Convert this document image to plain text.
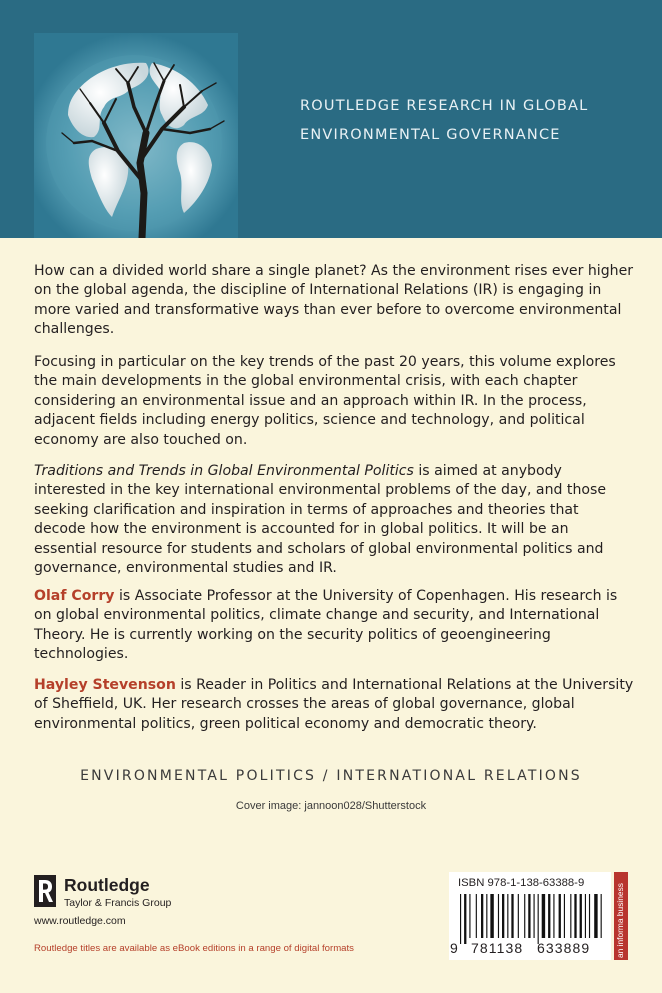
ROUTLEDGE RESEARCH IN GLOBAL
ENVIRONMENTAL GOVERNANCE

How can a divided world share a single planet? As the environment rises ever higher on the global agenda, the discipline of International Relations (IR) is engaging in more varied and transformative ways than ever before to overcome environmental challenges.

Focusing in particular on the key trends of the past 20 years, this volume explores the main developments in the global environmental crisis, with each chapter considering an environmental issue and an approach within IR. In the process, adjacent fields including energy politics, science and technology, and political economy are also touched on.

Traditions and Trends in Global Environmental Politics is aimed at anybody interested in the key international environmental problems of the day, and those seeking clarification and inspiration in terms of approaches and theories that decode how the environment is accounted for in global politics. It will be an essential resource for students and scholars of global environmental politics and governance, environmental studies and IR.

Olaf Corry is Associate Professor at the University of Copenhagen. His research is on global environmental politics, climate change and security, and International Theory. He is currently working on the security politics of geoengineering technologies.

Hayley Stevenson is Reader in Politics and International Relations at the University of Sheffield, UK. Her research crosses the areas of global governance, global environmental politics, green political economy and democratic theory.

ENVIRONMENTAL POLITICS / INTERNATIONAL RELATIONS
Cover image: jannoon028/Shutterstock
Routledge
Taylor & Francis Group
www.routledge.com
Routledge titles are available as eBook editions in a range of digital formats
ISBN 978-1-138-63388-9
9 781138 633889	an informa business
